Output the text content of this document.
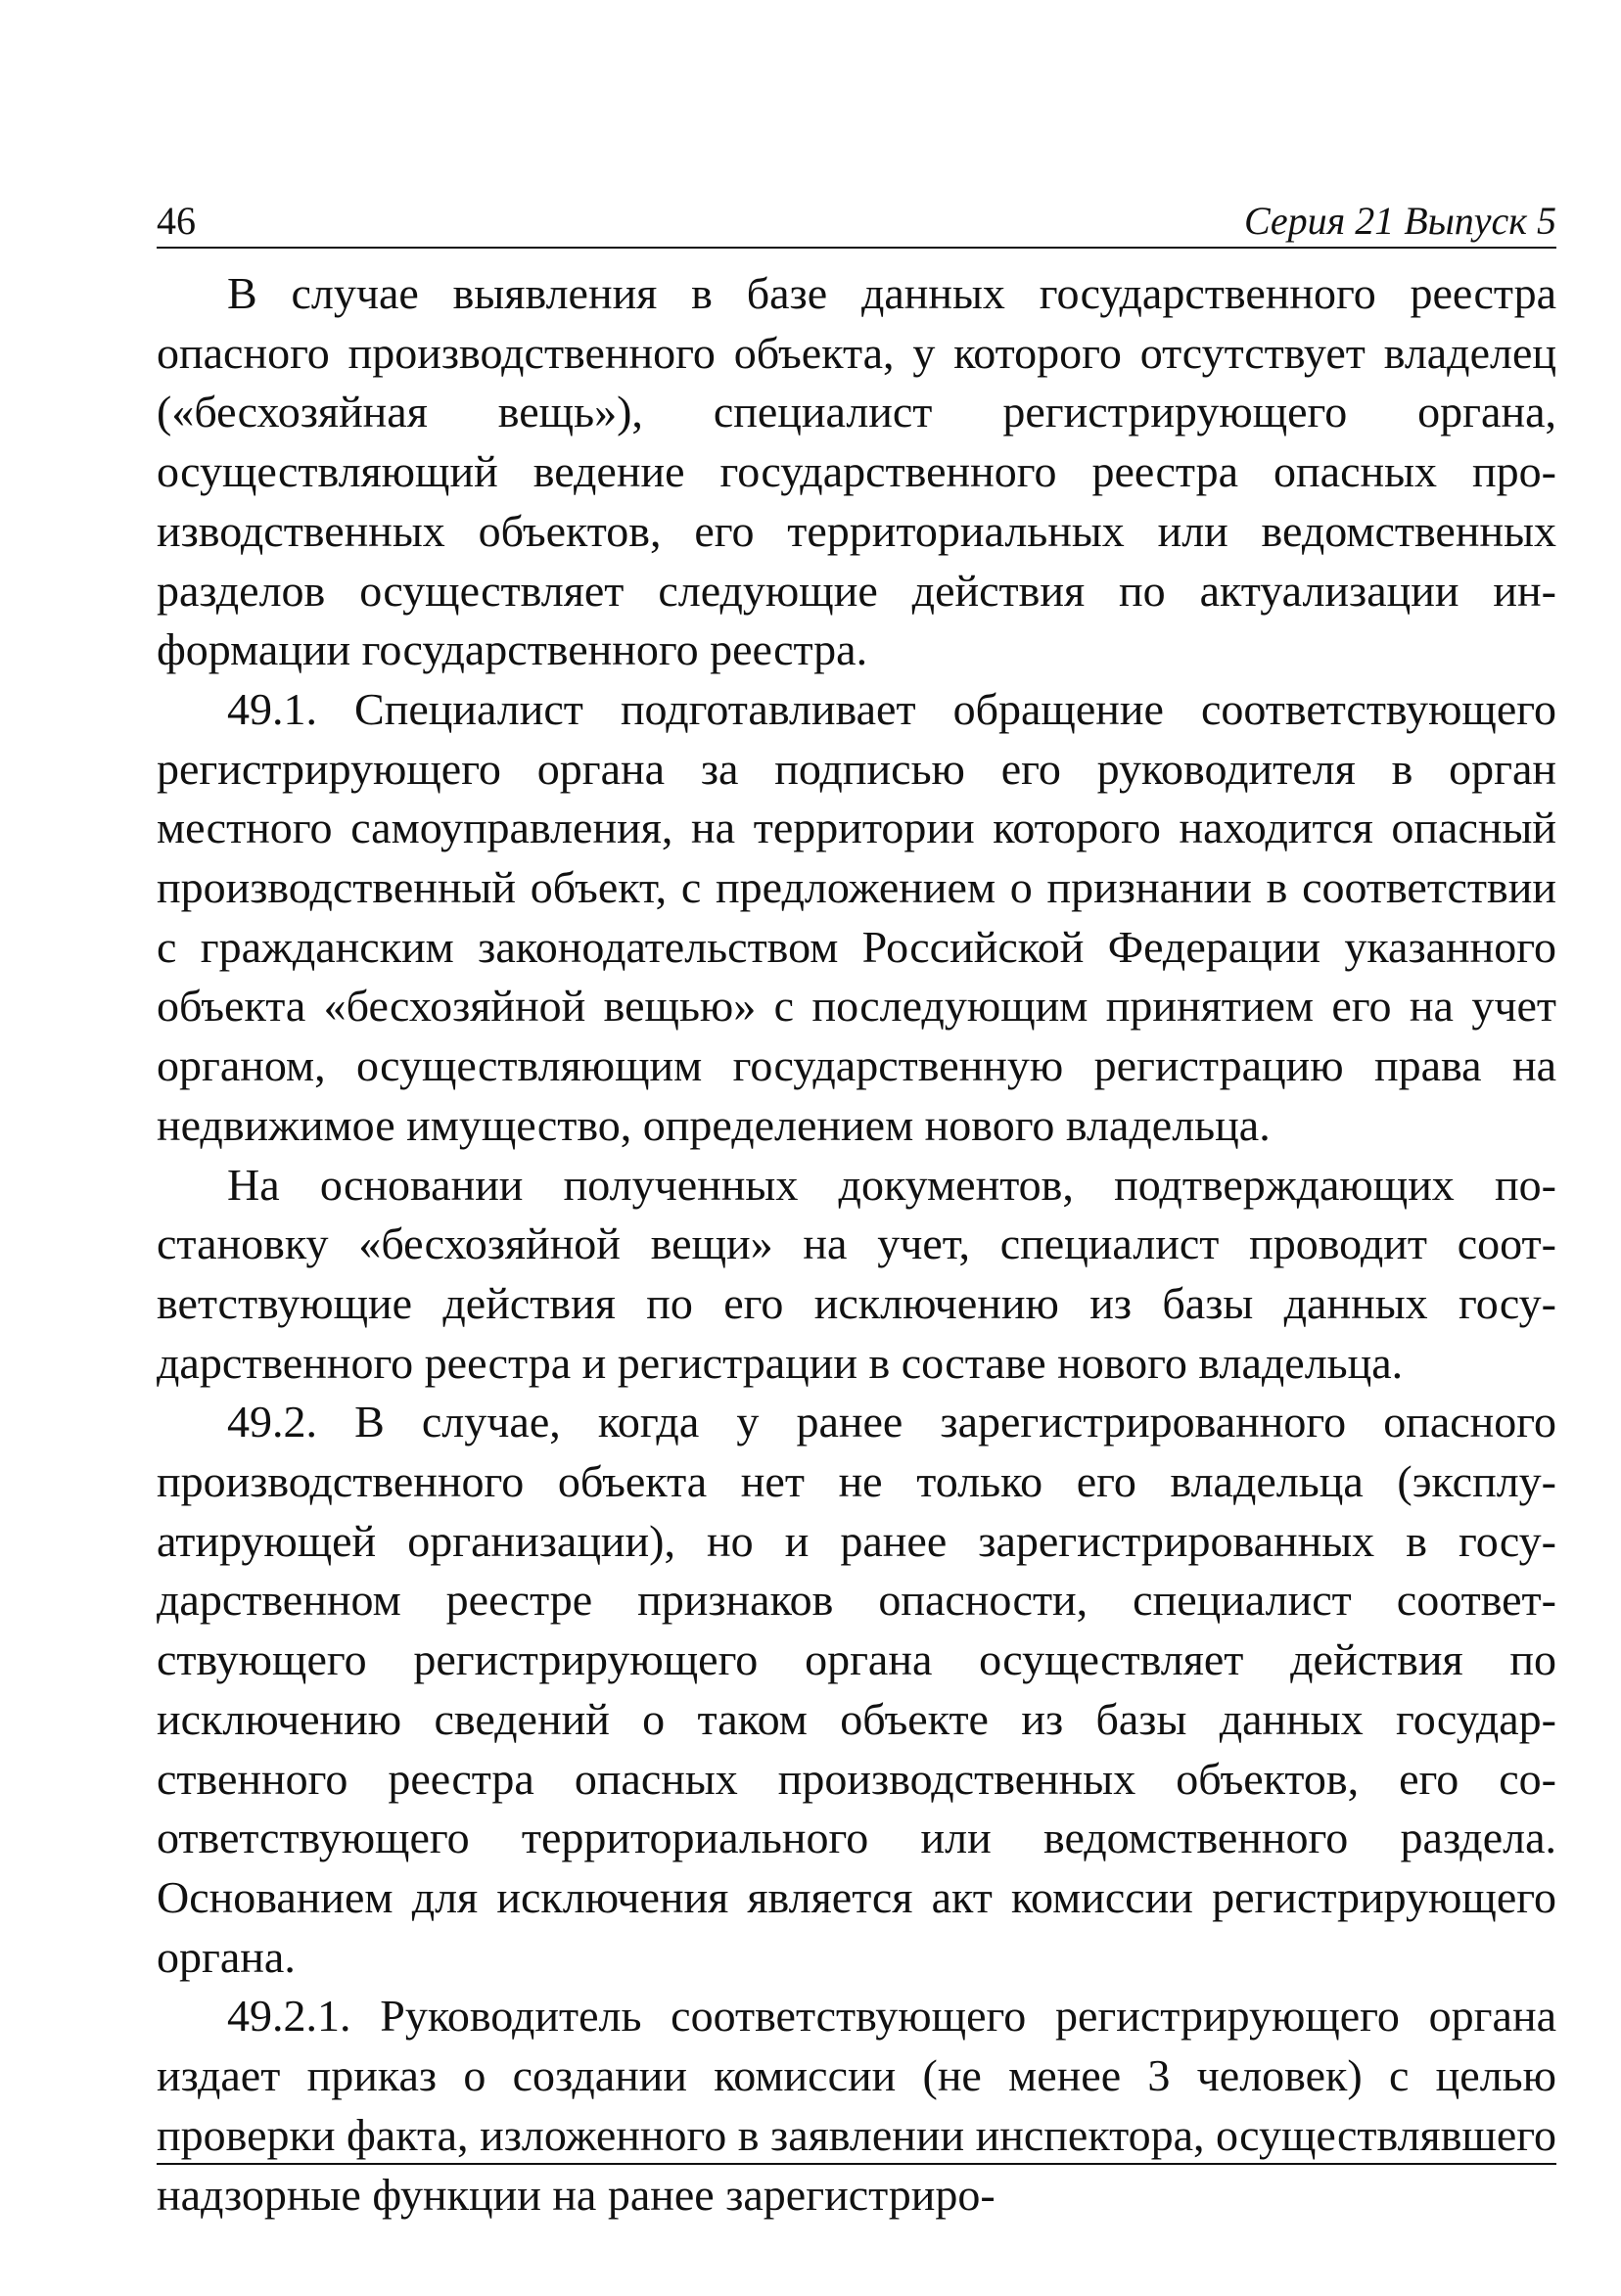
46	Серия 21 Выпуск 5

В случае выявления в базе данных государственного реестра опасного производственного объекта, у которого отсутствует владелец («бесхозяйная вещь»), специалист регистрирующего органа, осуществляющий ведение государственного реестра опасных производственных объектов, его территориальных или ведомственных разделов осуществляет следующие действия по актуализации информации государственного реестра.

49.1. Специалист подготавливает обращение соответствующего регистрирующего органа за подписью его руководителя в орган местного самоуправления, на территории которого находится опасный производственный объект, с предложением о признании в соответствии с гражданским законодательством Российской Федерации указанного объекта «бесхозяйной вещью» с последующим принятием его на учет органом, осуществляющим государственную регистрацию права на недвижимое имущество, определением нового владельца.

На основании полученных документов, подтверждающих постановку «бесхозяйной вещи» на учет, специалист проводит соответствующие действия по его исключению из базы данных государственного реестра и регистрации в составе нового владельца.

49.2. В случае, когда у ранее зарегистрированного опасного производственного объекта нет не только его владельца (эксплуатирующей организации), но и ранее зарегистрированных в государственном реестре признаков опасности, специалист соответствующего регистрирующего органа осуществляет действия по исключению сведений о таком объекте из базы данных государственного реестра опасных производственных объектов, его соответствующего территориального или ведомственного раздела. Основанием для исключения является акт комиссии регистрирующего органа.

49.2.1. Руководитель соответствующего регистрирующего органа издает приказ о создании комиссии (не менее 3 человек) с целью проверки факта, изложенного в заявлении инспектора, осуществлявшего надзорные функции на ранее зарегистриро-
